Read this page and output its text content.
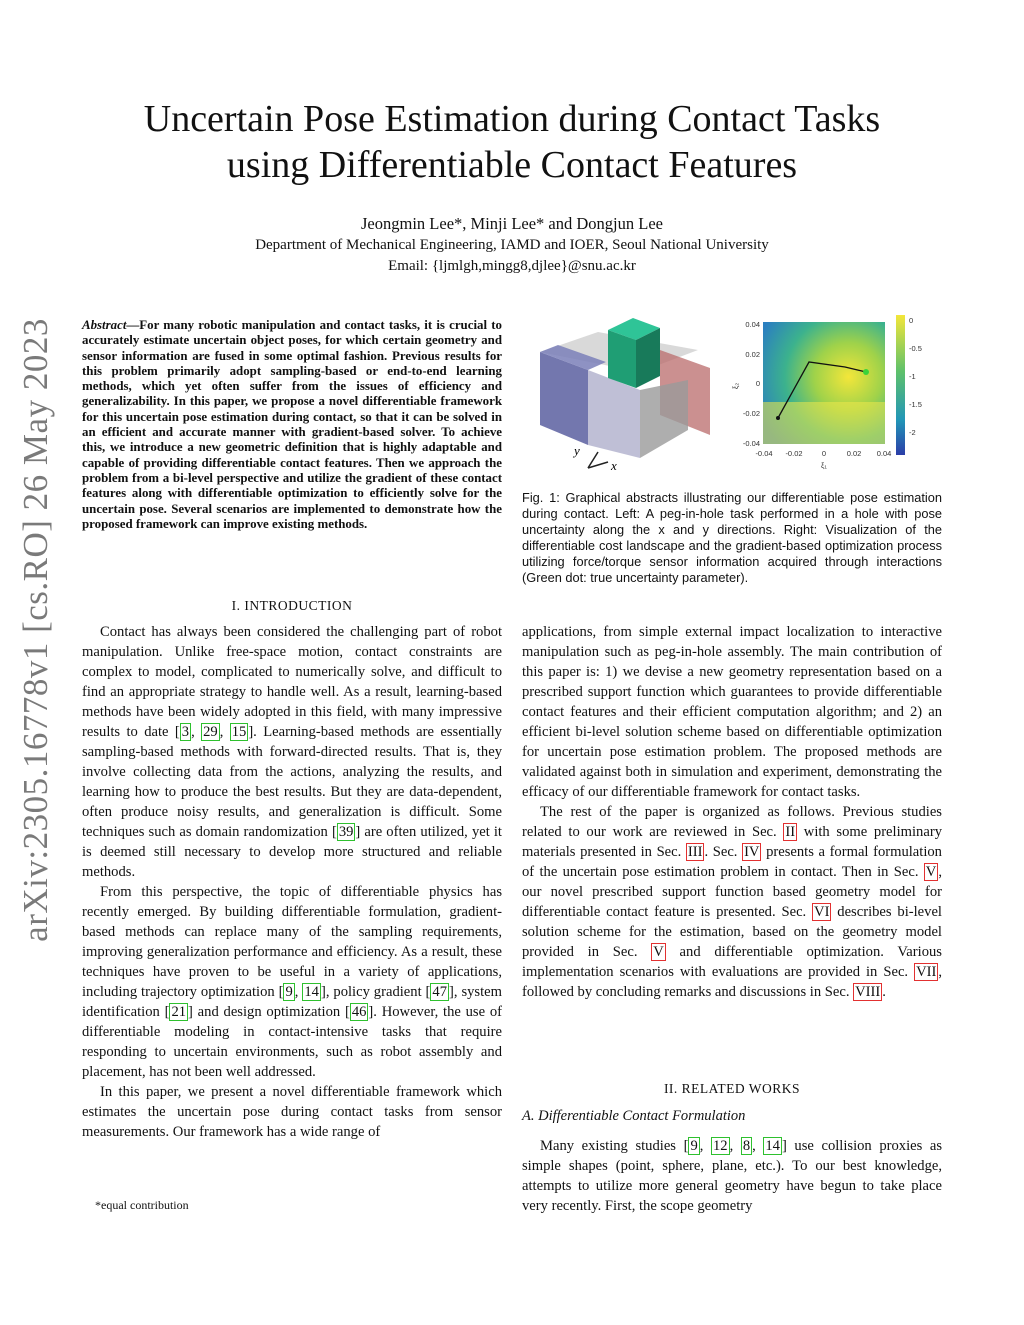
arXiv:2305.16778v1 [cs.RO] 26 May 2023
Uncertain Pose Estimation during Contact Tasks
using Differentiable Contact Features
Jeongmin Lee*, Minji Lee* and Dongjun Lee
Department of Mechanical Engineering, IAMD and IOER, Seoul National University
Email: {ljmlgh,mingg8,djlee}@snu.ac.kr
Abstract—For many robotic manipulation and contact tasks, it is crucial to accurately estimate uncertain object poses, for which certain geometry and sensor information are fused in some optimal fashion. Previous results for this problem primarily adopt sampling-based or end-to-end learning methods, which yet often suffer from the issues of efficiency and generalizability. In this paper, we propose a novel differentiable framework for this uncertain pose estimation during contact, so that it can be solved in an efficient and accurate manner with gradient-based solver. To achieve this, we introduce a new geometric definition that is highly adaptable and capable of providing differentiable contact features. Then we approach the problem from a bi-level perspective and utilize the gradient of these contact features along with differentiable optimization to efficiently solve for the uncertain pose. Several scenarios are implemented to demonstrate how the proposed framework can improve existing methods.
x
y
0
-0.5
-1
-1.5
-2
0.04
0.02
0
-0.02
-0.04
-0.04 -0.02	0	0.02 0.04
ξ₁
ξ₂
Fig. 1: Graphical abstracts illustrating our differentiable pose estimation during contact. Left: A peg-in-hole task performed in a hole with pose uncertainty along the x and y directions. Right: Visualization of the differentiable cost landscape and the gradient-based optimization process utilizing force/torque sensor information acquired through interactions (Green dot: true uncertainty parameter).
I. INTRODUCTION

Contact has always been considered the challenging part of robot manipulation. Unlike free-space motion, contact constraints are complex to model, complicated to numerically solve, and difficult to find an appropriate strategy to handle well. As a result, learning-based methods have been widely adopted in this field, with many impressive results to date [ 3 , 29 , 15 ]. Learning-based methods are essentially sampling-based methods with forward-directed results. That is, they involve collecting data from the actions, analyzing the results, and learning how to produce the best results. But they are data-dependent, often produce noisy results, and generalization is difficult. Some techniques such as domain randomization [ 39 ] are often utilized, yet it is deemed still necessary to develop more structured and reliable methods.

From this perspective, the topic of differentiable physics has recently emerged. By building differentiable formulation, gradient-based methods can replace many of the sampling requirements, improving generalization performance and efficiency. As a result, these techniques have proven to be useful in a variety of applications, including trajectory optimization [ 9 , 14 ], policy gradient [ 47 ], system identification [ 21 ] and design optimization [ 46 ]. However, the use of differentiable modeling in contact-intensive tasks that require responding to uncertain environments, such as robot assembly and placement, has not been well addressed.

In this paper, we present a novel differentiable framework which estimates the uncertain pose during contact tasks from sensor measurements. Our framework has a wide range of

applications, from simple external impact localization to interactive manipulation such as peg-in-hole assembly. The main contribution of this paper is: 1) we devise a new geometry representation based on a prescribed support function which guarantees to provide differentiable contact features and their efficient computation algorithm; and 2) an efficient bi-level solution scheme based on differentiable optimization for uncertain pose estimation problem. The proposed methods are validated against both in simulation and experiment, demonstrating the efficacy of our differentiable framework for contact tasks.

The rest of the paper is organized as follows. Previous studies related to our work are reviewed in Sec. II with some preliminary materials presented in Sec. III . Sec. IV presents a formal formulation of the uncertain pose estimation problem in contact. Then in Sec. V , our novel prescribed support function based geometry model for differentiable contact feature is presented. Sec. VI describes bi-level solution scheme for the estimation, based on the geometry model provided in Sec. V and differentiable optimization. Various implementation scenarios with evaluations are provided in Sec. VII , followed by concluding remarks and discussions in Sec. VIII .

II. RELATED WORKS
A. Differentiable Contact Formulation

Many existing studies [ 9 , 12 , 8 , 14 ] use collision proxies as simple shapes (point, sphere, plane, etc.). To our best knowledge, attempts to utilize more general geometry have begun to take place very recently. First, the scope geometry

*equal contribution
